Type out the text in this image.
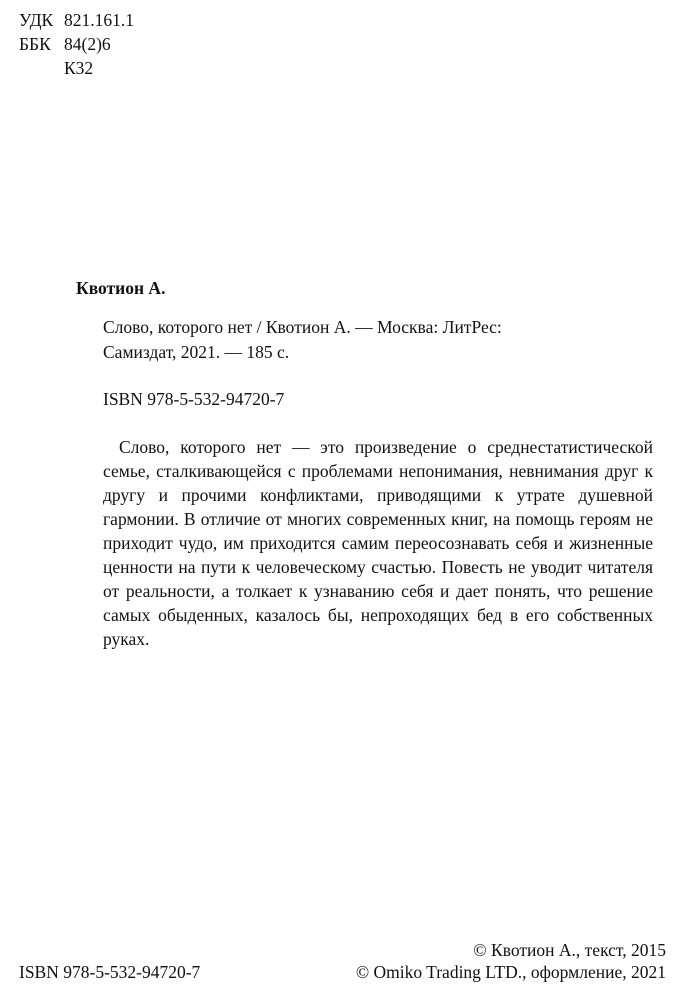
УДК 821.161.1
ББК 84(2)6
К32
Квотион А.
Слово, которого нет / Квотион А. — Москва: ЛитРес:
Самиздат, 2021. — 185 с.
ISBN 978-5-532-94720-7

Слово, которого нет — это произведение о среднестатистической семье, сталкивающейся с проблемами непонимания, невнимания друг к другу и прочими конфликтами, приводящими к утрате душевной гармонии. В отличие от многих современных книг, на помощь героям не приходит чудо, им приходится самим переосознавать себя и жизненные ценности на пути к человеческому счастью. Повесть не уводит читателя от реальности, а толкает к узнаванию себя и дает понять, что решение самых обыденных, казалось бы, непроходящих бед в его собственных руках.

ISBN 978-5-532-94720-7
© Квотион А., текст, 2015
© Omiko Trading LTD., оформление, 2021
